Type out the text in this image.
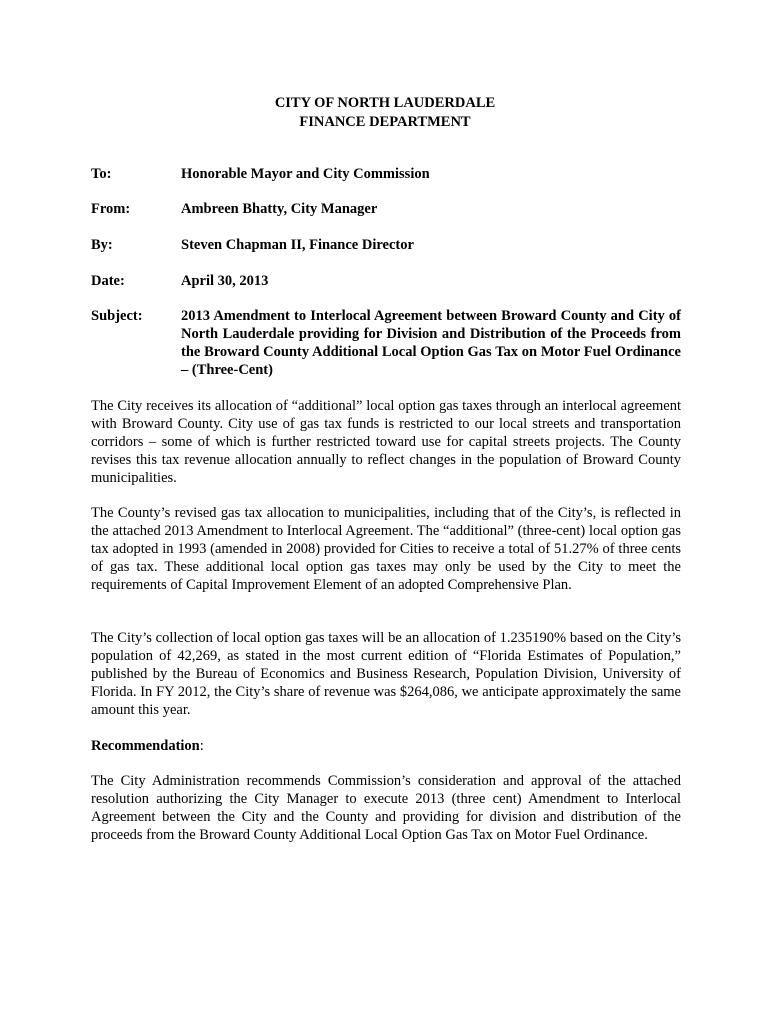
CITY OF NORTH LAUDERDALE
FINANCE DEPARTMENT
To:	Honorable Mayor and City Commission
From:	Ambreen Bhatty, City Manager
By:	Steven Chapman II, Finance Director
Date:	April 30, 2013
Subject:	2013 Amendment to Interlocal Agreement between Broward County and City of North Lauderdale providing for Division and Distribution of the Proceeds from the Broward County Additional Local Option Gas Tax on Motor Fuel Ordinance – (Three-Cent)
The City receives its allocation of “additional” local option gas taxes through an interlocal agreement with Broward County. City use of gas tax funds is restricted to our local streets and transportation corridors – some of which is further restricted toward use for capital streets projects. The County revises this tax revenue allocation annually to reflect changes in the population of Broward County municipalities.
The County’s revised gas tax allocation to municipalities, including that of the City’s, is reflected in the attached 2013 Amendment to Interlocal Agreement. The “additional” (three-cent) local option gas tax adopted in 1993 (amended in 2008) provided for Cities to receive a total of 51.27% of three cents of gas tax. These additional local option gas taxes may only be used by the City to meet the requirements of Capital Improvement Element of an adopted Comprehensive Plan.
The City’s collection of local option gas taxes will be an allocation of 1.235190% based on the City’s population of 42,269, as stated in the most current edition of “Florida Estimates of Population,” published by the Bureau of Economics and Business Research, Population Division, University of Florida. In FY 2012, the City’s share of revenue was $264,086, we anticipate approximately the same amount this year.
Recommendation:
The City Administration recommends Commission’s consideration and approval of the attached resolution authorizing the City Manager to execute 2013 (three cent) Amendment to Interlocal Agreement between the City and the County and providing for division and distribution of the proceeds from the Broward County Additional Local Option Gas Tax on Motor Fuel Ordinance.
